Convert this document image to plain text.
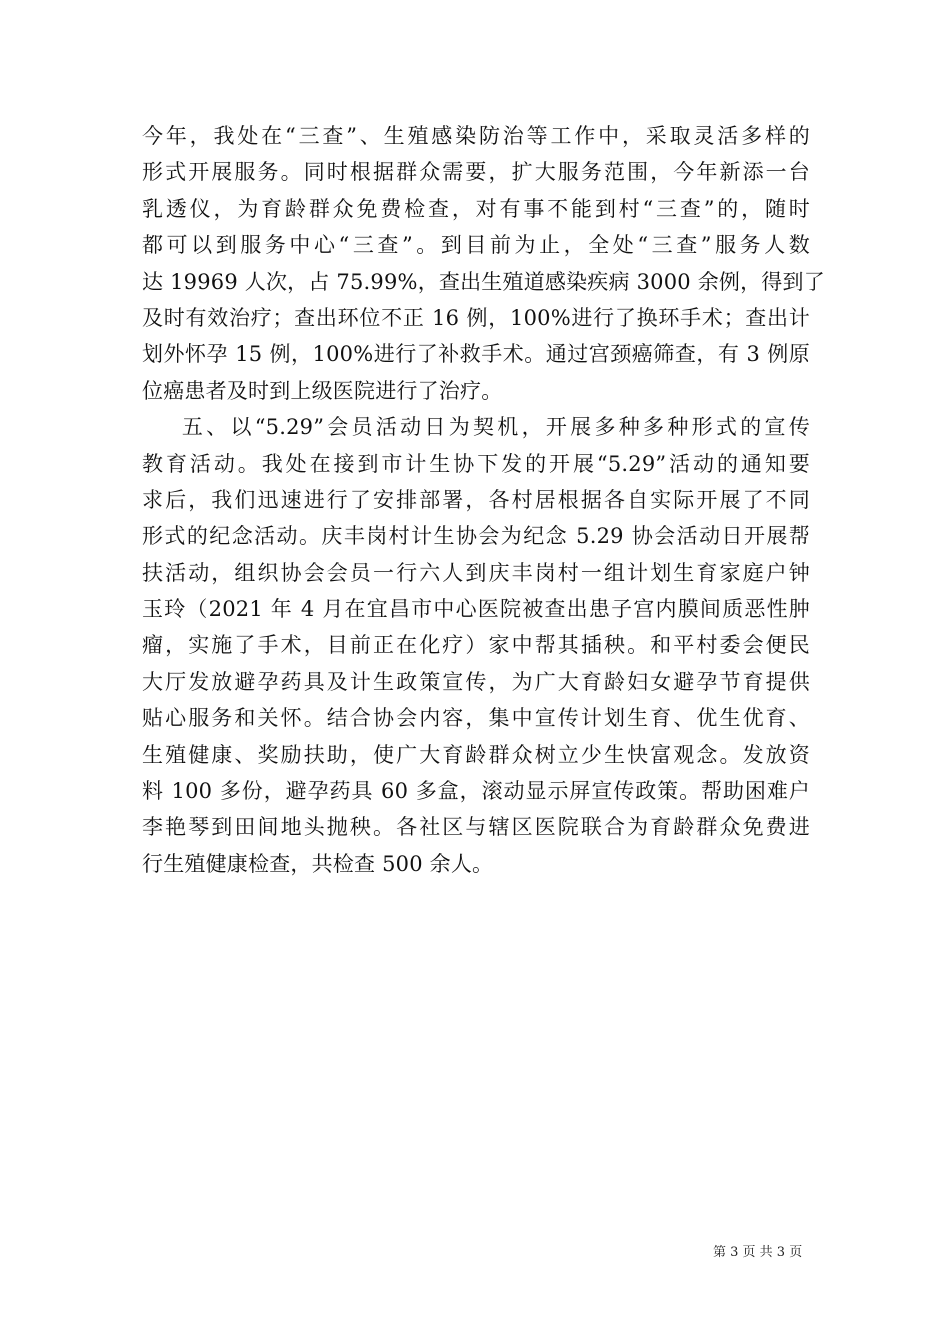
今年，我处在“三查”、生殖感染防治等工作中，采取灵活多样的
形式开展服务。同时根据群众需要，扩大服务范围，今年新添一台
乳透仪，为育龄群众免费检查，对有事不能到村“三查”的，随时
都可以到服务中心“三查”。到目前为止，全处“三查”服务人数
达 19969 人次，占 75.99%，查出生殖道感染疾病 3000 余例，得到了
及时有效治疗；查出环位不正 16 例，100%进行了换环手术；查出计
划外怀孕 15 例，100%进行了补救手术。通过宫颈癌筛查，有 3 例原
位癌患者及时到上级医院进行了治疗。
五、以“5.29”会员活动日为契机，开展多种多种形式的宣传
教育活动。我处在接到市计生协下发的开展“5.29”活动的通知要
求后，我们迅速进行了安排部署，各村居根据各自实际开展了不同
形式的纪念活动。庆丰岗村计生协会为纪念 5.29 协会活动日开展帮
扶活动，组织协会会员一行六人到庆丰岗村一组计划生育家庭户钟
玉玲（2021 年 4 月在宜昌市中心医院被查出患子宫内膜间质恶性肿
瘤，实施了手术，目前正在化疗）家中帮其插秧。和平村委会便民
大厅发放避孕药具及计生政策宣传，为广大育龄妇女避孕节育提供
贴心服务和关怀。结合协会内容，集中宣传计划生育、优生优育、
生殖健康、奖励扶助，使广大育龄群众树立少生快富观念。发放资
料 100 多份，避孕药具 60 多盒，滚动显示屏宣传政策。帮助困难户
李艳琴到田间地头抛秧。各社区与辖区医院联合为育龄群众免费进
行生殖健康检查，共检查 500 余人。
第 3 页 共 3 页
